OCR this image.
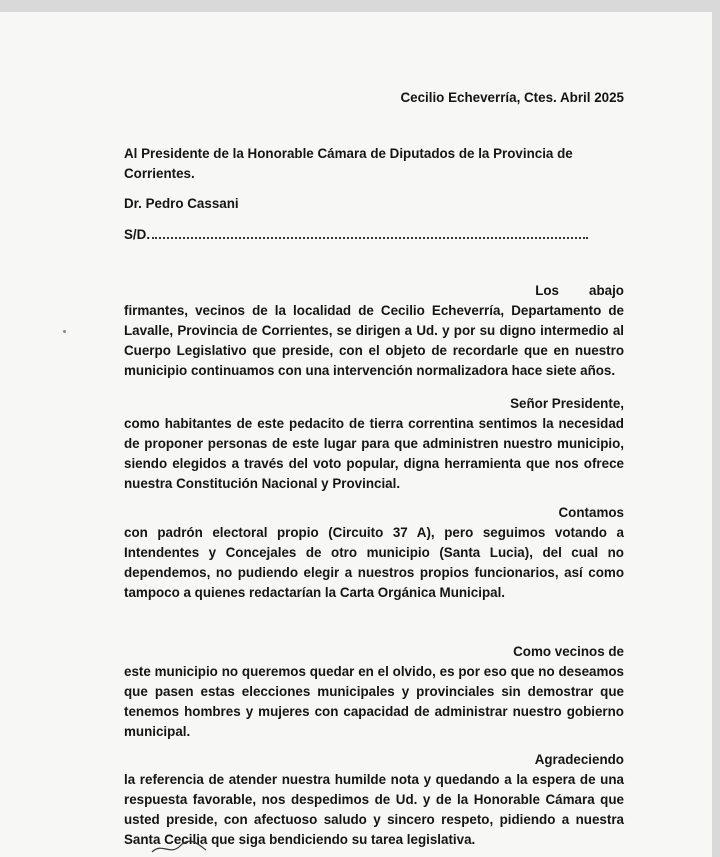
Cecilio Echeverría, Ctes. Abril 2025
Al Presidente de la Honorable Cámara de Diputados de la Provincia de Corrientes.
Dr. Pedro Cassani
S/D.
Los abajo
firmantes, vecinos de la localidad de Cecilio Echeverría, Departamento de Lavalle, Provincia de Corrientes, se dirigen a Ud. y por su digno intermedio al Cuerpo Legislativo que preside, con el objeto de recordarle que en nuestro municipio continuamos con una intervención normalizadora hace siete años.
Señor Presidente,
como habitantes de este pedacito de tierra correntina sentimos la necesidad de proponer personas de este lugar para que administren nuestro municipio, siendo elegidos a través del voto popular, digna herramienta que nos ofrece nuestra Constitución Nacional y Provincial.
Contamos
con padrón electoral propio (Circuito 37 A), pero seguimos votando a Intendentes y Concejales de otro municipio (Santa Lucia), del cual no dependemos, no pudiendo elegir a nuestros propios funcionarios, así como tampoco a quienes redactarían la Carta Orgánica Municipal.
Como vecinos de
este municipio no queremos quedar en el olvido, es por eso que no deseamos que pasen estas elecciones municipales y provinciales sin demostrar que tenemos hombres y mujeres con capacidad de administrar nuestro gobierno municipal.
Agradeciendo
la referencia de atender nuestra humilde nota y quedando a la espera de una respuesta favorable, nos despedimos de Ud. y de la Honorable Cámara que usted preside, con afectuoso saludo y sincero respeto, pidiendo a nuestra Santa Cecilia que siga bendiciendo su tarea legislativa.
